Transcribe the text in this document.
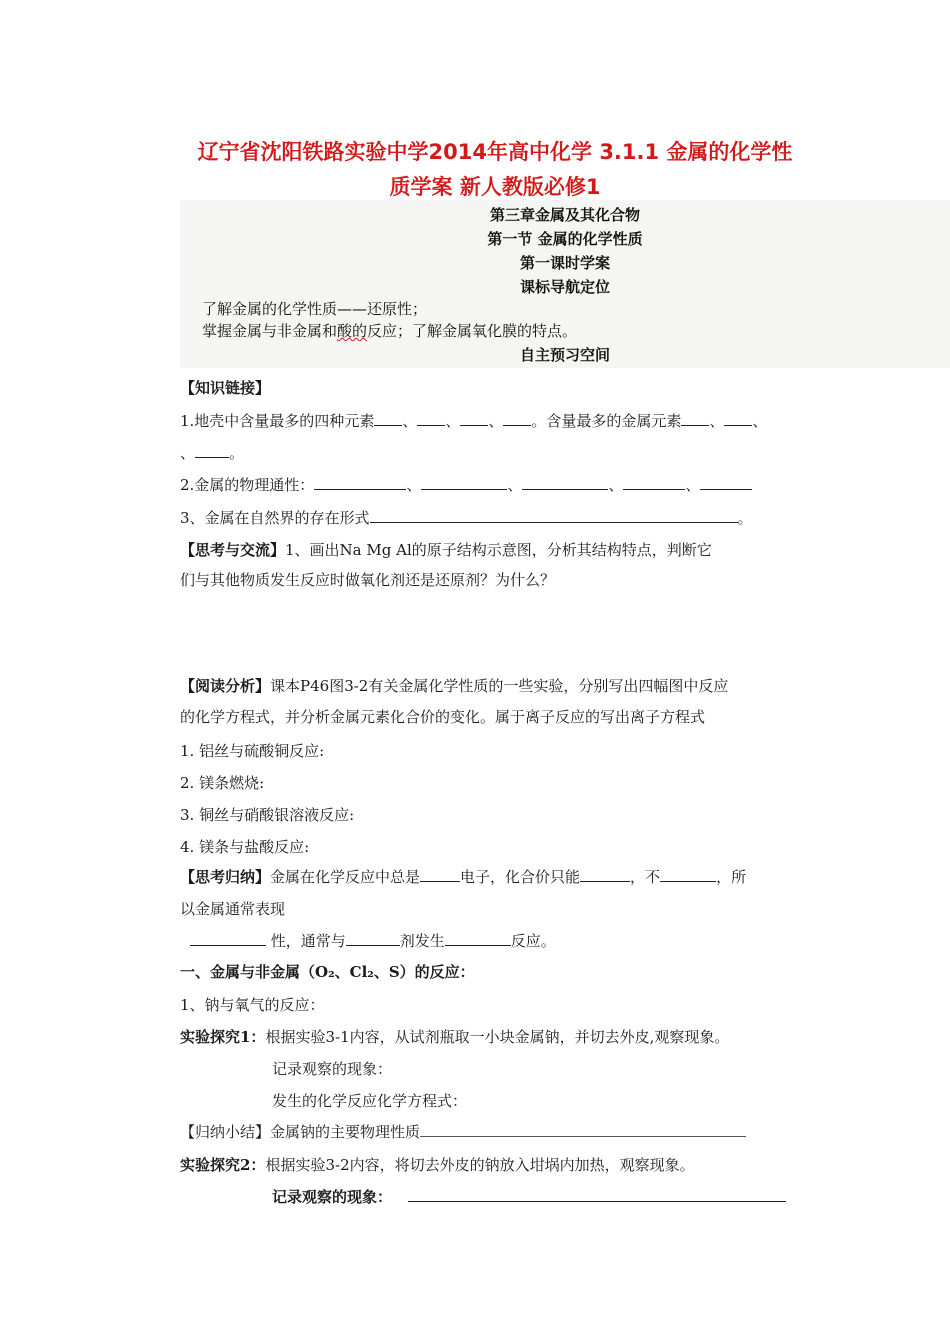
辽宁省沈阳铁路实验中学2014年高中化学 3.1.1 金属的化学性
质学案 新人教版必修1
第三章金属及其化合物
第一节 金属的化学性质
第一课时学案
课标导航定位
了解金属的化学性质——还原性；
掌握金属与非金属和酸的反应；了解金属氧化膜的特点。
自主预习空间
【知识链接】
1.地壳中含量最多的四种元素 、 、 、 。含量最多的金属元素 、 、
、 。
2.金属的物理通性：	、	、	、	、
3、金属在自然界的存在形式	。
【思考与交流】1、画出Na Mg Al的原子结构示意图，分析其结构特点，判断它
们与其他物质发生反应时做氧化剂还是还原剂？为什么？
【阅读分析】课本P46图3-2有关金属化学性质的一些实验，分别写出四幅图中反应
的化学方程式，并分析金属元素化合价的变化。属于离子反应的写出离子方程式
1. 铝丝与硫酸铜反应:
2. 镁条燃烧:
3. 铜丝与硝酸银溶液反应:
4. 镁条与盐酸反应:
【思考归纳】金属在化学反应中总是	电子，化合价只能	，不	，所
以金属通常表现
性，通常与	剂发生	反应。
一、金属与非金属（O₂、Cl₂、S）的反应：
1、钠与氧气的反应：
实验探究1：根据实验3-1内容，从试剂瓶取一小块金属钠，并切去外皮,观察现象。
记录观察的现象：
发生的化学反应化学方程式：
【归纳小结】金属钠的主要物理性质
实验探究2：根据实验3-2内容，将切去外皮的钠放入坩埚内加热，观察现象。
记录观察的现象：
